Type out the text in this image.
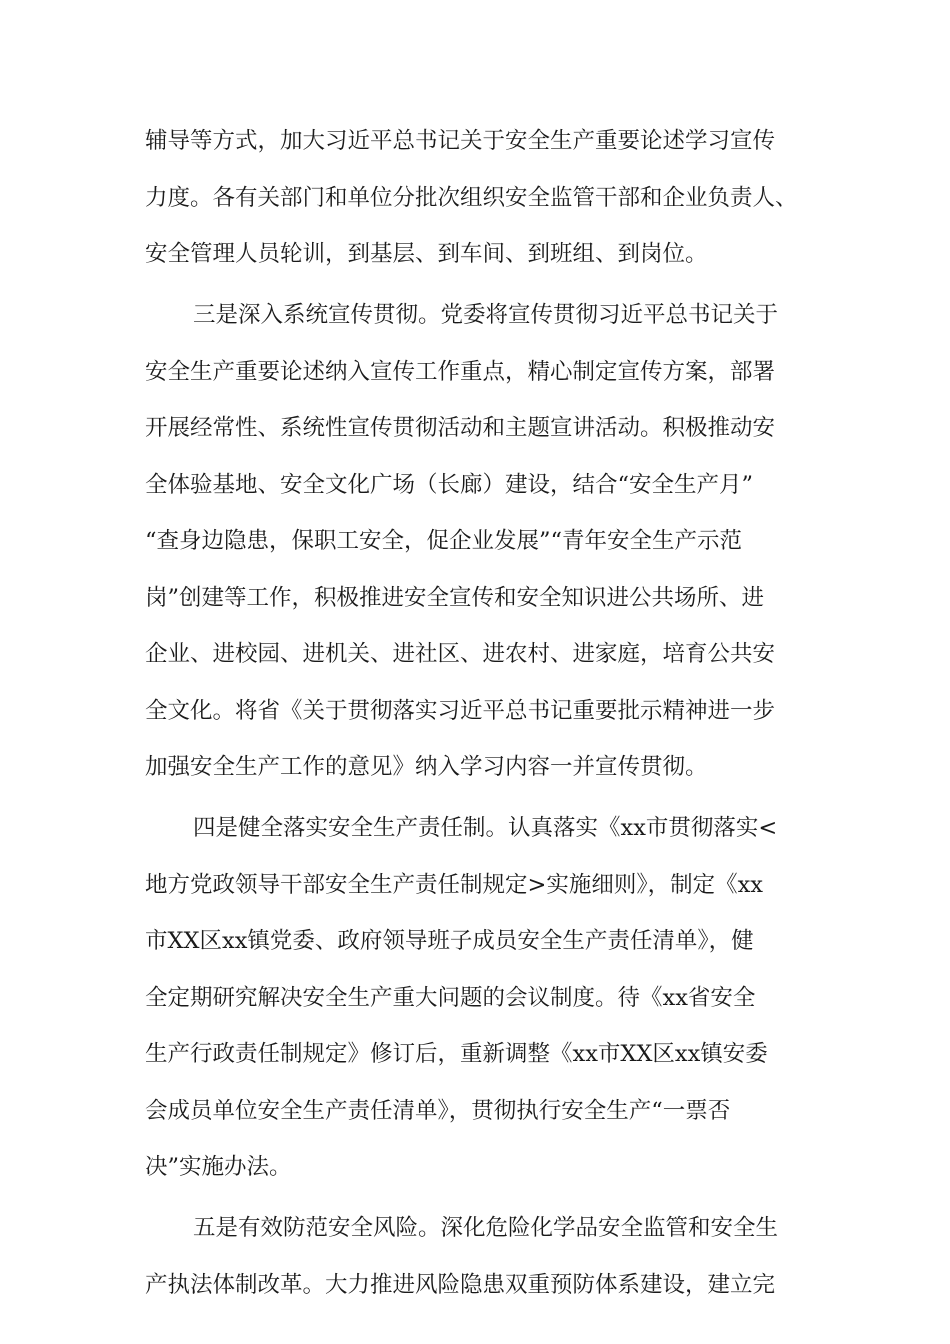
辅导等方式，加大习近平总书记关于安全生产重要论述学习宣传

力度。各有关部门和单位分批次组织安全监管干部和企业负责人、

安全管理人员轮训，到基层、到车间、到班组、到岗位。

三是深入系统宣传贯彻。党委将宣传贯彻习近平总书记关于

安全生产重要论述纳入宣传工作重点，精心制定宣传方案，部署

开展经常性、系统性宣传贯彻活动和主题宣讲活动。积极推动安

全体验基地、安全文化广场（长廊）建设，结合“安全生产月”

“查身边隐患，保职工安全，促企业发展”“青年安全生产示范

岗”创建等工作，积极推进安全宣传和安全知识进公共场所、进

企业、进校园、进机关、进社区、进农村、进家庭，培育公共安

全文化。将省《关于贯彻落实习近平总书记重要批示精神进一步

加强安全生产工作的意见》纳入学习内容一并宣传贯彻。

四是健全落实安全生产责任制。认真落实《xx市贯彻落实<

地方党政领导干部安全生产责任制规定>实施细则》，制定《xx

市XX区xx镇党委、政府领导班子成员安全生产责任清单》，健

全定期研究解决安全生产重大问题的会议制度。待《xx省安全

生产行政责任制规定》修订后，重新调整《xx市XX区xx镇安委

会成员单位安全生产责任清单》，贯彻执行安全生产“一票否

决”实施办法。

五是有效防范安全风险。深化危险化学品安全监管和安全生

产执法体制改革。大力推进风险隐患双重预防体系建设，建立完
